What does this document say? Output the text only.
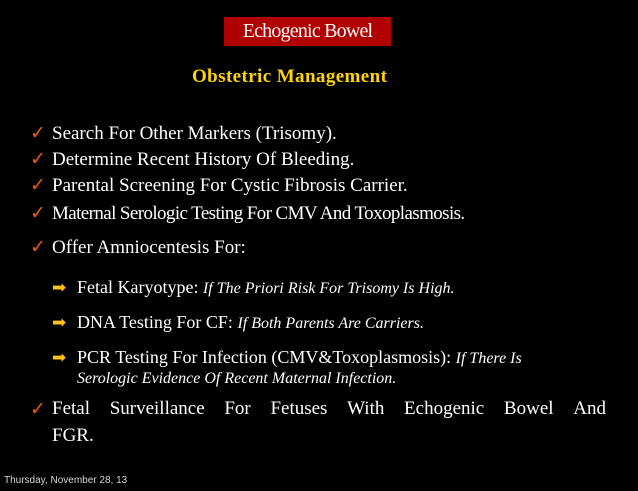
Echogenic Bowel
Obstetric Management
✓ Search For Other Markers (Trisomy).
✓ Determine Recent History Of Bleeding.
✓ Parental Screening For Cystic Fibrosis Carrier.
✓ Maternal Serologic Testing For CMV And Toxoplasmosis.
✓ Offer Amniocentesis For:
➡ Fetal Karyotype: If The Priori Risk For Trisomy Is High.
➡ DNA Testing For CF: If Both Parents Are Carriers.
➡ PCR Testing For Infection (CMV&Toxoplasmosis): If There Is
Serologic Evidence Of Recent Maternal Infection.
✓ Fetal Surveillance For Fetuses With Echogenic Bowel And
FGR.
Thursday, November 28, 13
